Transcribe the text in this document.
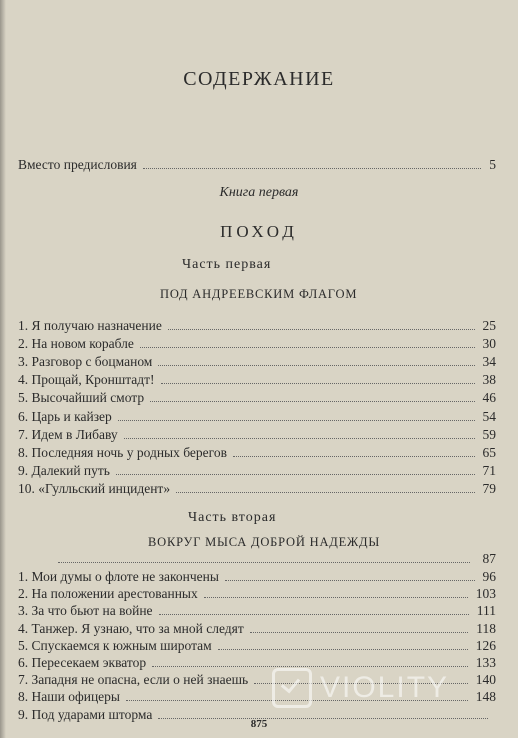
СОДЕРЖАНИЕ
Вместо предисловия	5
Книга первая
ПОХОД
Часть первая
ПОД АНДРЕЕВСКИМ ФЛАГОМ
1. Я получаю назначение	25
2. На новом корабле	30
3. Разговор с боцманом	34
4. Прощай, Кронштадт!	38
5. Высочайший смотр	46
6. Царь и кайзер	54
7. Идем в Либаву	59
8. Последняя ночь у родных берегов	65
9. Далекий путь	71
10. «Гулльский инцидент»	79
Часть вторая
ВОКРУГ МЫСА ДОБРОЙ НАДЕЖДЫ
87
1. Мои думы о флоте не закончены	96
2. На положении арестованных	103
3. За что бьют на войне	111
4. Танжер. Я узнаю, что за мной следят	118
5. Спускаемся к южным широтам	126
6. Пересекаем экватор	133
7. Западня не опасна, если о ней знаешь	140
8. Наши офицеры	148
9. Под ударами шторма
875
VIOLITY
